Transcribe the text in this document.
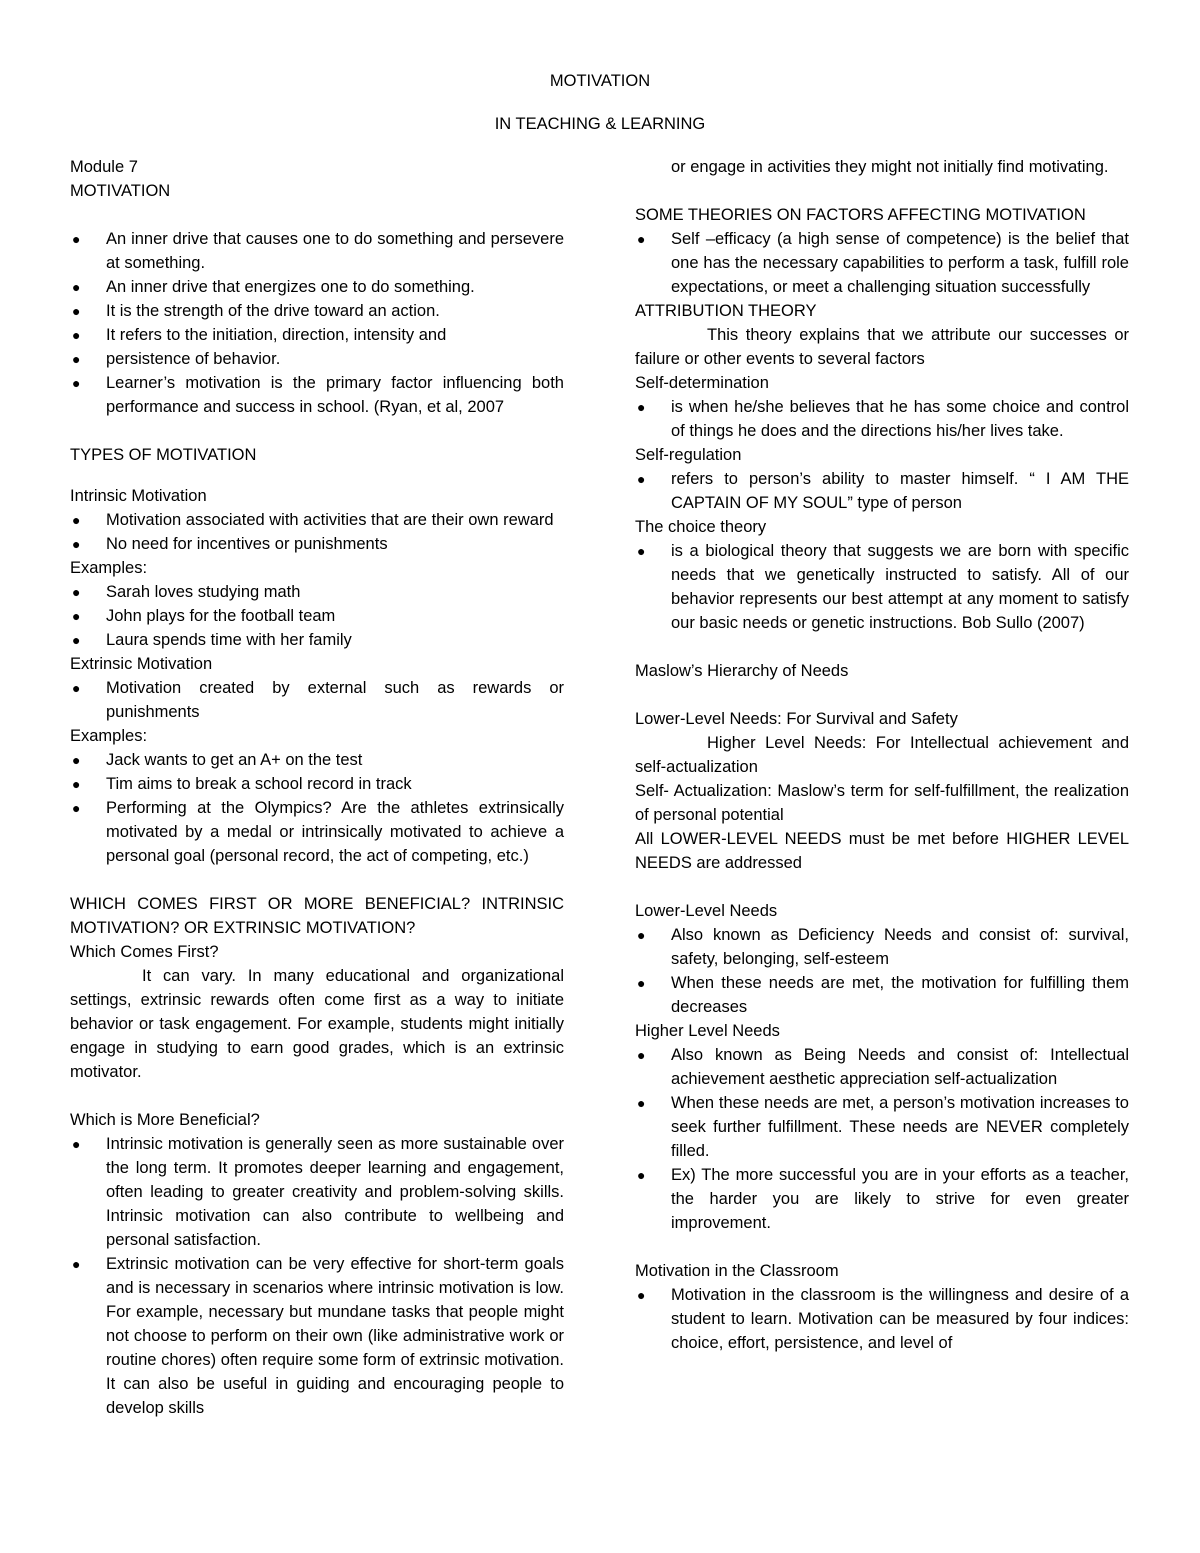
MOTIVATION
IN TEACHING & LEARNING

Module 7

MOTIVATION

● An inner drive that causes one to do something and persevere at something.
● An inner drive that energizes one to do something.
● It is the strength of the drive toward an action.
● It refers to the initiation, direction, intensity and
● persistence of behavior.
● Learner’s motivation is the primary factor influencing both performance and success in school. (Ryan, et al, 2007

TYPES OF MOTIVATION

Intrinsic Motivation

● Motivation associated with activities that are their own reward
● No need for incentives or punishments

Examples:

● Sarah loves studying math
● John plays for the football team
● Laura spends time with her family

Extrinsic Motivation

● Motivation created by external such as rewards or punishments

Examples:

● Jack wants to get an A+ on the test
● Tim aims to break a school record in track
● Performing at the Olympics? Are the athletes extrinsically motivated by a medal or intrinsically motivated to achieve a personal goal (personal record, the act of competing, etc.)

WHICH COMES FIRST OR MORE BENEFICIAL? INTRINSIC MOTIVATION? OR EXTRINSIC MOTIVATION?

Which Comes First?

It can vary. In many educational and organizational settings, extrinsic rewards often come first as a way to initiate behavior or task engagement. For example, students might initially engage in studying to earn good grades, which is an extrinsic motivator.

Which is More Beneficial?

● Intrinsic motivation is generally seen as more sustainable over the long term. It promotes deeper learning and engagement, often leading to greater creativity and problem-solving skills. Intrinsic motivation can also contribute to wellbeing and personal satisfaction.
● Extrinsic motivation can be very effective for short-term goals and is necessary in scenarios where intrinsic motivation is low. For example, necessary but mundane tasks that people might not choose to perform on their own (like administrative work or routine chores) often require some form of extrinsic motivation. It can also be useful in guiding and encouraging people to develop skills

or engage in activities they might not initially find motivating.

SOME THEORIES ON FACTORS AFFECTING MOTIVATION

● Self –efficacy (a high sense of competence) is the belief that one has the necessary capabilities to perform a task, fulfill role expectations, or meet a challenging situation successfully

ATTRIBUTION THEORY

This theory explains that we attribute our successes or failure or other events to several factors

Self-determination

● is when he/she believes that he has some choice and control of things he does and the directions his/her lives take.

Self-regulation

● refers to person’s ability to master himself. “ I AM THE CAPTAIN OF MY SOUL” type of person

The choice theory

● is a biological theory that suggests we are born with specific needs that we genetically instructed to satisfy. All of our behavior represents our best attempt at any moment to satisfy our basic needs or genetic instructions. Bob Sullo (2007)

Maslow’s Hierarchy of Needs

Lower-Level Needs: For Survival and Safety

Higher Level Needs: For Intellectual achievement and self-actualization

Self- Actualization: Maslow’s term for self-fulfillment, the realization of personal potential

All LOWER-LEVEL NEEDS must be met before HIGHER LEVEL NEEDS are addressed

Lower-Level Needs

● Also known as Deficiency Needs and consist of: survival, safety, belonging, self-esteem
● When these needs are met, the motivation for fulfilling them decreases

Higher Level Needs

● Also known as Being Needs and consist of: Intellectual achievement aesthetic appreciation self-actualization
● When these needs are met, a person’s motivation increases to seek further fulfillment. These needs are NEVER completely filled.
● Ex) The more successful you are in your efforts as a teacher, the harder you are likely to strive for even greater improvement.

Motivation in the Classroom

● Motivation in the classroom is the willingness and desire of a student to learn. Motivation can be measured by four indices: choice, effort, persistence, and level of
